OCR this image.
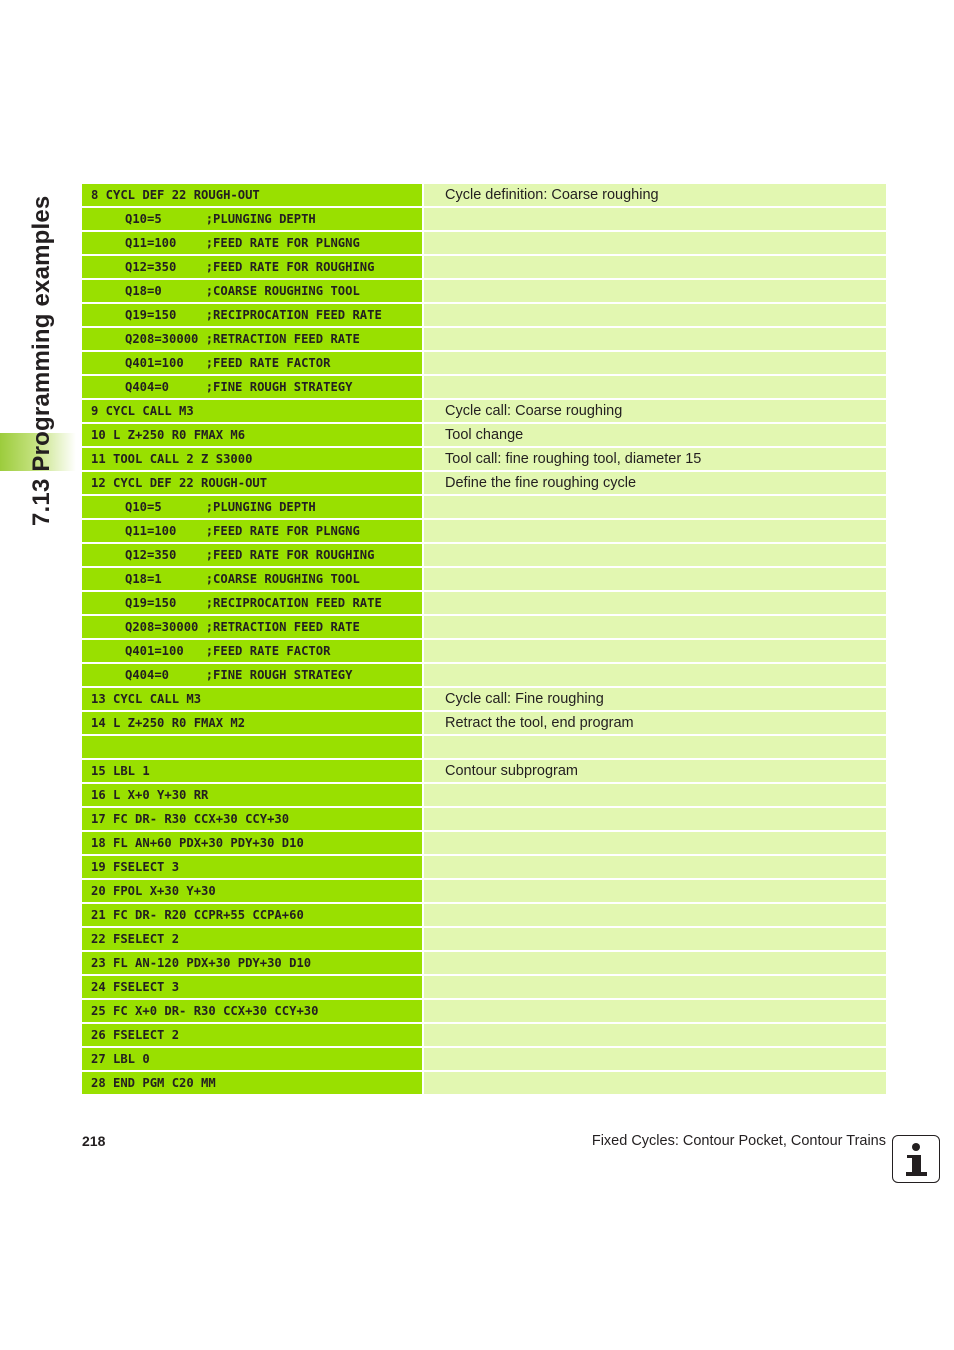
7.13 Programming examples
8 CYCL DEF 22 ROUGH-OUT	Cycle definition: Coarse roughing
Q10=5      ;PLUNGING DEPTH
Q11=100    ;FEED RATE FOR PLNGNG
Q12=350    ;FEED RATE FOR ROUGHING
Q18=0      ;COARSE ROUGHING TOOL
Q19=150    ;RECIPROCATION FEED RATE
Q208=30000 ;RETRACTION FEED RATE
Q401=100   ;FEED RATE FACTOR
Q404=0     ;FINE ROUGH STRATEGY
9 CYCL CALL M3	Cycle call: Coarse roughing
10 L Z+250 R0 FMAX M6	Tool change
11 TOOL CALL 2 Z S3000	Tool call: fine roughing tool, diameter 15
12 CYCL DEF 22 ROUGH-OUT	Define the fine roughing cycle
Q10=5      ;PLUNGING DEPTH
Q11=100    ;FEED RATE FOR PLNGNG
Q12=350    ;FEED RATE FOR ROUGHING
Q18=1      ;COARSE ROUGHING TOOL
Q19=150    ;RECIPROCATION FEED RATE
Q208=30000 ;RETRACTION FEED RATE
Q401=100   ;FEED RATE FACTOR
Q404=0     ;FINE ROUGH STRATEGY
13 CYCL CALL M3	Cycle call: Fine roughing
14 L Z+250 R0 FMAX M2	Retract the tool, end program
15 LBL 1	Contour subprogram
16 L X+0 Y+30 RR
17 FC DR- R30 CCX+30 CCY+30
18 FL AN+60 PDX+30 PDY+30 D10
19 FSELECT 3
20 FPOL X+30 Y+30
21 FC DR- R20 CCPR+55 CCPA+60
22 FSELECT 2
23 FL AN-120 PDX+30 PDY+30 D10
24 FSELECT 3
25 FC X+0 DR- R30 CCX+30 CCY+30
26 FSELECT 2
27 LBL 0
28 END PGM C20 MM
218	Fixed Cycles: Contour Pocket, Contour Trains
